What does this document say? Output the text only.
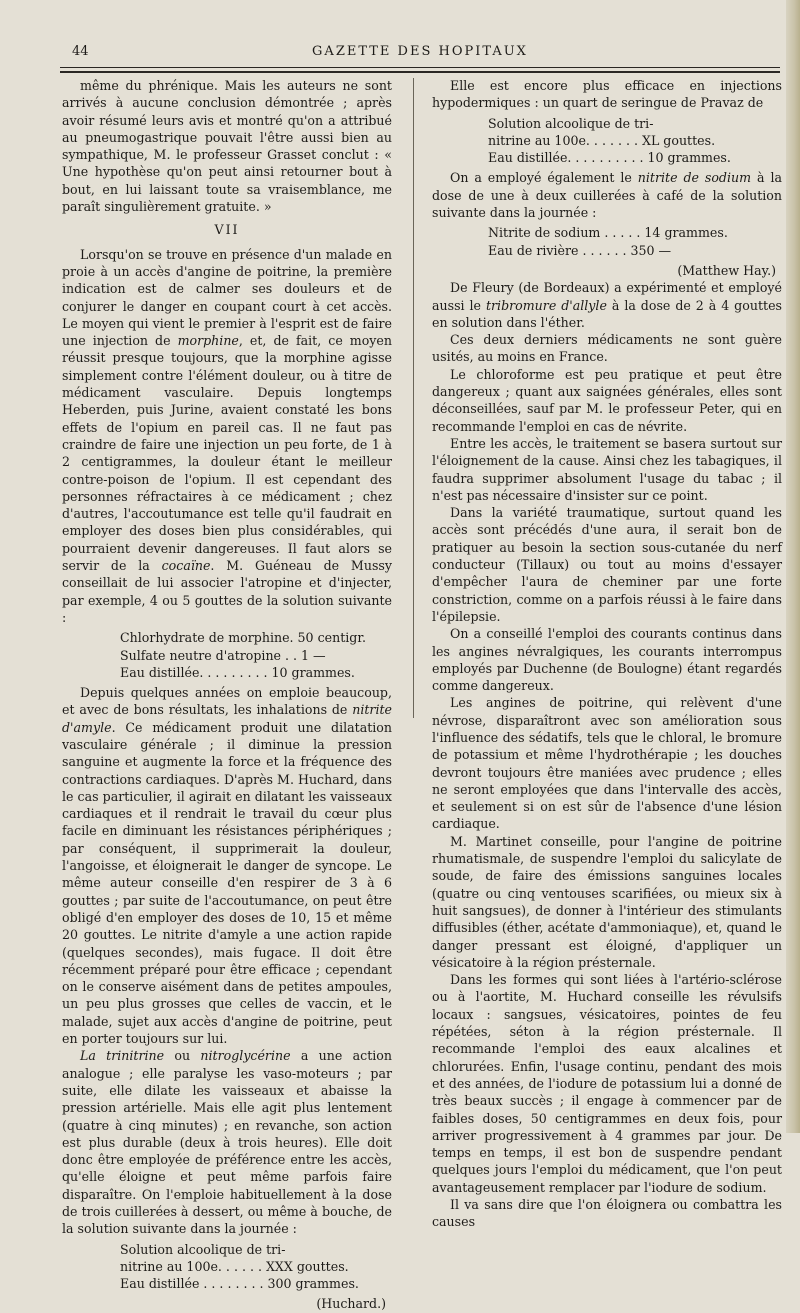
44	GAZETTE DES HOPITAUX

même du phrénique. Mais les auteurs ne sont arrivés à aucune conclusion démontrée ; après avoir résumé leurs avis et montré qu'on a attribué au pneumogastrique pouvait l'être aussi bien au sympathique, M. le professeur Grasset conclut : « Une hypothèse qu'on peut ainsi retourner bout à bout, en lui laissant toute sa vraisemblance, me paraît singulièrement gratuite. »

VII

Lorsqu'on se trouve en présence d'un malade en proie à un accès d'angine de poitrine, la première indication est de calmer ses douleurs et de conjurer le danger en coupant court à cet accès. Le moyen qui vient le premier à l'esprit est de faire une injection de morphine, et, de fait, ce moyen réussit presque toujours, que la morphine agisse simplement contre l'élément douleur, ou à titre de médicament vasculaire. Depuis longtemps Heberden, puis Jurine, avaient constaté les bons effets de l'opium en pareil cas. Il ne faut pas craindre de faire une injection un peu forte, de 1 à 2 centigrammes, la douleur étant le meilleur contre-poison de l'opium. Il est cependant des personnes réfractaires à ce médicament ; chez d'autres, l'accoutumance est telle qu'il faudrait en employer des doses bien plus considérables, qui pourraient devenir dangereuses. Il faut alors se servir de la cocaïne. M. Guéneau de Mussy conseillait de lui associer l'atropine et d'injecter, par exemple, 4 ou 5 gouttes de la solution suivante :

Chlorhydrate de morphine. 50 centigr.
Sulfate neutre d'atropine . . 1 —
Eau distillée. . . . . . . . . 10 grammes.

Depuis quelques années on emploie beaucoup, et avec de bons résultats, les inhalations de nitrite d'amyle. Ce médicament produit une dilatation vasculaire générale ; il diminue la pression sanguine et augmente la force et la fréquence des contractions cardiaques. D'après M. Huchard, dans le cas particulier, il agirait en dilatant les vaisseaux cardiaques et il rendrait le travail du cœur plus facile en diminuant les résistances périphériques ; par conséquent, il supprimerait la douleur, l'angoisse, et éloignerait le danger de syncope. Le même auteur conseille d'en respirer de 3 à 6 gouttes ; par suite de l'accoutumance, on peut être obligé d'en employer des doses de 10, 15 et même 20 gouttes. Le nitrite d'amyle a une action rapide (quelques secondes), mais fugace. Il doit être récemment préparé pour être efficace ; cependant on le conserve aisément dans de petites ampoules, un peu plus grosses que celles de vaccin, et le malade, sujet aux accès d'angine de poitrine, peut en porter toujours sur lui.

La trinitrine ou nitroglycérine a une action analogue ; elle paralyse les vaso-moteurs ; par suite, elle dilate les vaisseaux et abaisse la pression artérielle. Mais elle agit plus lentement (quatre à cinq minutes) ; en revanche, son action est plus durable (deux à trois heures). Elle doit donc être employée de préférence entre les accès, qu'elle éloigne et peut même parfois faire disparaître. On l'emploie habituellement à la dose de trois cuillerées à dessert, ou même à bouche, de la solution suivante dans la journée :

Solution alcoolique de tri-
nitrine au 100e. . . . . . XXX gouttes.
Eau distillée . . . . . . . . 300 grammes.

(Huchard.)

Elle est encore plus efficace en injections hypodermiques : un quart de seringue de Pravaz de

Solution alcoolique de tri-
nitrine au 100e. . . . . . . XL gouttes.
Eau distillée. . . . . . . . . . 10 grammes.

On a employé également le nitrite de sodium à la dose de une à deux cuillerées à café de la solution suivante dans la journée :

Nitrite de sodium . . . . . 14 grammes.
Eau de rivière . . . . . . 350 —

(Matthew Hay.)

De Fleury (de Bordeaux) a expérimenté et employé aussi le tribromure d'allyle à la dose de 2 à 4 gouttes en solution dans l'éther.

Ces deux derniers médicaments ne sont guère usités, au moins en France.

Le chloroforme est peu pratique et peut être dangereux ; quant aux saignées générales, elles sont déconseillées, sauf par M. le professeur Peter, qui en recommande l'emploi en cas de névrite.

Entre les accès, le traitement se basera surtout sur l'éloignement de la cause. Ainsi chez les tabagiques, il faudra supprimer absolument l'usage du tabac ; il n'est pas nécessaire d'insister sur ce point.

Dans la variété traumatique, surtout quand les accès sont précédés d'une aura, il serait bon de pratiquer au besoin la section sous-cutanée du nerf conducteur (Tillaux) ou tout au moins d'essayer d'empêcher l'aura de cheminer par une forte constriction, comme on a parfois réussi à le faire dans l'épilepsie.

On a conseillé l'emploi des courants continus dans les angines névralgiques, les courants interrompus employés par Duchenne (de Boulogne) étant regardés comme dangereux.

Les angines de poitrine, qui relèvent d'une névrose, disparaîtront avec son amélioration sous l'influence des sédatifs, tels que le chloral, le bromure de potassium et même l'hydrothérapie ; les douches devront toujours être maniées avec prudence ; elles ne seront employées que dans l'intervalle des accès, et seulement si on est sûr de l'absence d'une lésion cardiaque.

M. Martinet conseille, pour l'angine de poitrine rhumatismale, de suspendre l'emploi du salicylate de soude, de faire des émissions sanguines locales (quatre ou cinq ventouses scarifiées, ou mieux six à huit sangsues), de donner à l'intérieur des stimulants diffusibles (éther, acétate d'ammoniaque), et, quand le danger pressant est éloigné, d'appliquer un vésicatoire à la région présternale.

Dans les formes qui sont liées à l'artério-sclérose ou à l'aortite, M. Huchard conseille les révulsifs locaux : sangsues, vésicatoires, pointes de feu répétées, séton à la région présternale. Il recommande l'emploi des eaux alcalines et chlorurées. Enfin, l'usage continu, pendant des mois et des années, de l'iodure de potassium lui a donné de très beaux succès ; il engage à commencer par de faibles doses, 50 centigrammes en deux fois, pour arriver progressivement à 4 grammes par jour. De temps en temps, il est bon de suspendre pendant quelques jours l'emploi du médicament, que l'on peut avantageusement remplacer par l'iodure de sodium.

Il va sans dire que l'on éloignera ou combattra les causes
